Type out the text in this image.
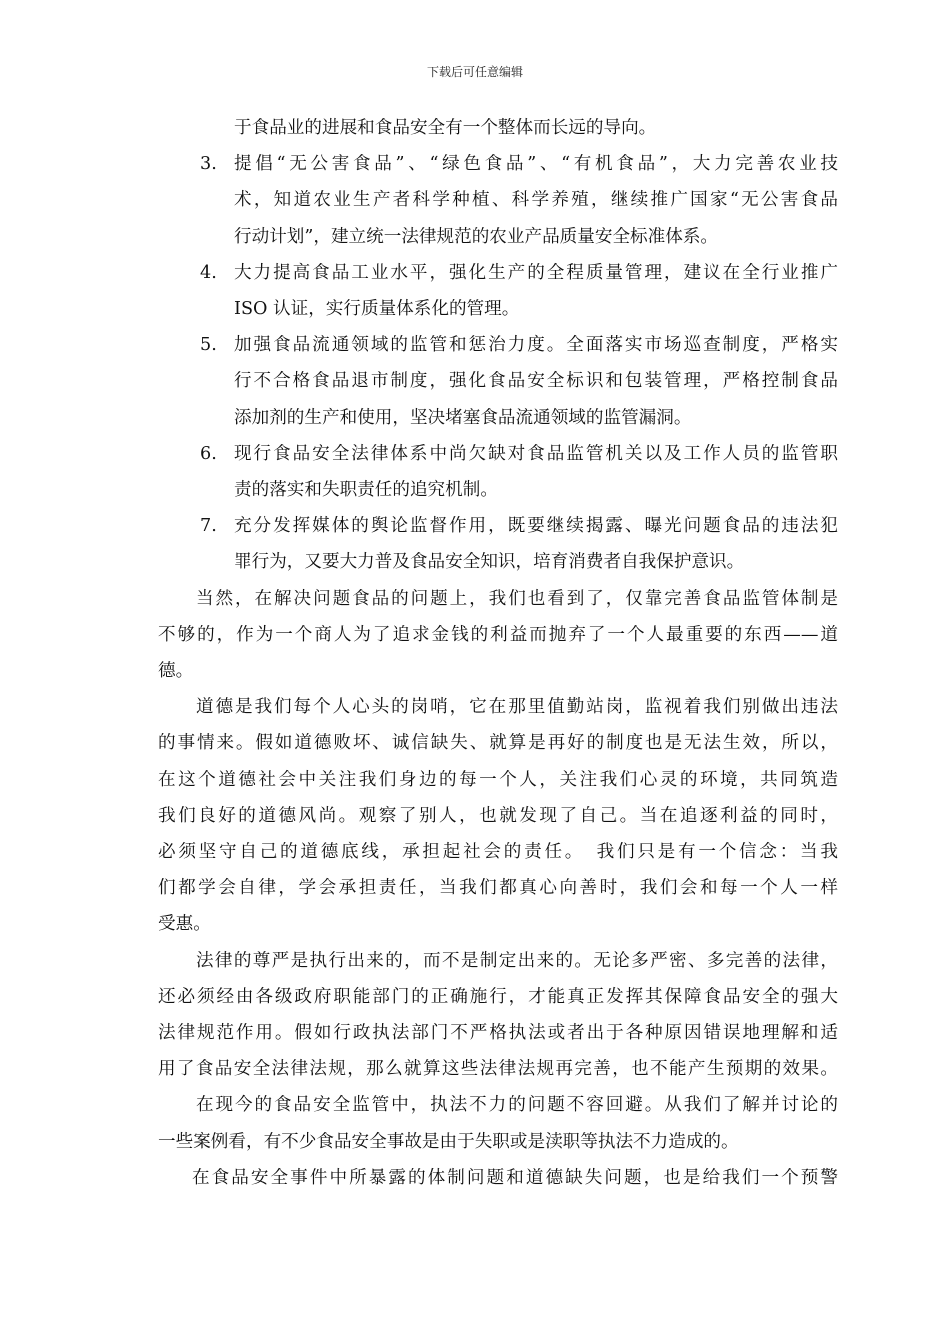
下载后可任意编辑
于食品业的进展和食品安全有一个整体而长远的导向。
3. 提倡“无公害食品”、“绿色食品”、“有机食品”，大力完善农业技
术，知道农业生产者科学种植、科学养殖，继续推广国家“无公害食品
行动计划”，建立统一法律规范的农业产品质量安全标准体系。
4. 大力提高食品工业水平，强化生产的全程质量管理，建议在全行业推广
ISO 认证，实行质量体系化的管理。
5. 加强食品流通领域的监管和惩治力度。全面落实市场巡查制度，严格实
行不合格食品退市制度，强化食品安全标识和包装管理，严格控制食品
添加剂的生产和使用，坚决堵塞食品流通领域的监管漏洞。
6. 现行食品安全法律体系中尚欠缺对食品监管机关以及工作人员的监管职
责的落实和失职责任的追究机制。
7. 充分发挥媒体的舆论监督作用，既要继续揭露、曝光问题食品的违法犯
罪行为，又要大力普及食品安全知识，培育消费者自我保护意识。
当然，在解决问题食品的问题上，我们也看到了，仅靠完善食品监管体制是
不够的，作为一个商人为了追求金钱的利益而抛弃了一个人最重要的东西——道
德。
道德是我们每个人心头的岗哨，它在那里值勤站岗，监视着我们别做出违法
的事情来。假如道德败坏、诚信缺失、就算是再好的制度也是无法生效，所以，
在这个道德社会中关注我们身边的每一个人，关注我们心灵的环境，共同筑造
我们良好的道德风尚。观察了别人，也就发现了自己。当在追逐利益的同时，
必须坚守自己的道德底线，承担起社会的责任。　我们只是有一个信念：当我
们都学会自律，学会承担责任，当我们都真心向善时，我们会和每一个人一样
受惠。
法律的尊严是执行出来的，而不是制定出来的。无论多严密、多完善的法律，
还必须经由各级政府职能部门的正确施行，才能真正发挥其保障食品安全的强大
法律规范作用。假如行政执法部门不严格执法或者出于各种原因错误地理解和适
用了食品安全法律法规，那么就算这些法律法规再完善，也不能产生预期的效果。
在现今的食品安全监管中，执法不力的问题不容回避。从我们了解并讨论的
一些案例看，有不少食品安全事故是由于失职或是渎职等执法不力造成的。
在食品安全事件中所暴露的体制问题和道德缺失问题，也是给我们一个预警
